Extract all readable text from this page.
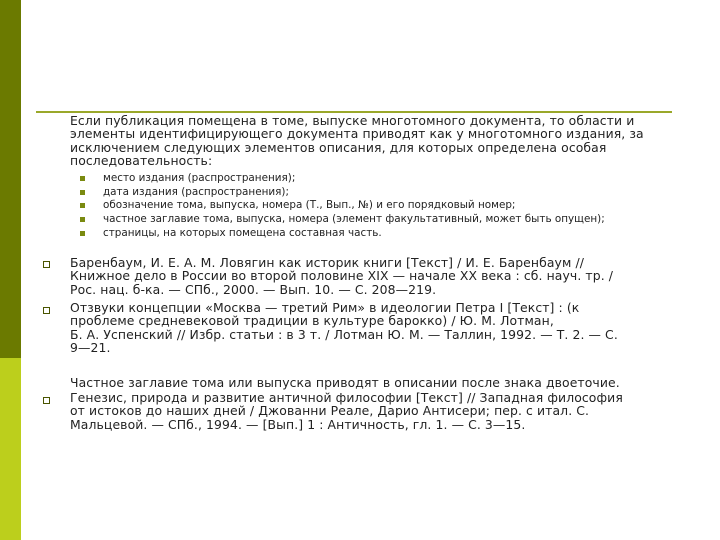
Если публикация помещена в томе, выпуске многотомного документа, то области и
элементы идентифицирующего документа приводят как у многотомного издания, за
исключением следующих элементов описания, для которых определена особая
последовательность:
место издания (распространения);
дата издания (распространения);
обозначение тома, выпуска, номера (Т., Вып., №) и его порядковый номер;
частное заглавие тома, выпуска, номера (элемент факультативный, может быть опущен);
страницы, на которых помещена составная часть.
Баренбаум, И. Е. А. М. Ловягин как историк книги [Текст] / И. Е. Баренбаум //
Книжное дело в России во второй половине XIX — начале XX века : сб. науч. тр. /
Рос. нац. б-ка. — СПб., 2000. — Вып. 10. — С. 208—219.
Отзвуки концепции «Москва — третий Рим» в идеологии Петра I [Текст] : (к
проблеме средневековой традиции в культуре барокко) / Ю. М. Лотман,
Б. А. Успенский // Избр. статьи : в 3 т. / Лотман Ю. М. — Таллин, 1992. — Т. 2. — С.
9—21.
Частное заглавие тома или выпуска приводят в описании после знака двоеточие.
Генезис, природа и развитие античной философии [Текст] // Западная философия
от истоков до наших дней / Джованни Реале, Дарио Антисери; пер. с итал. С.
Мальцевой. — СПб., 1994. — [Вып.] 1 : Античность, гл. 1. — С. 3—15.
